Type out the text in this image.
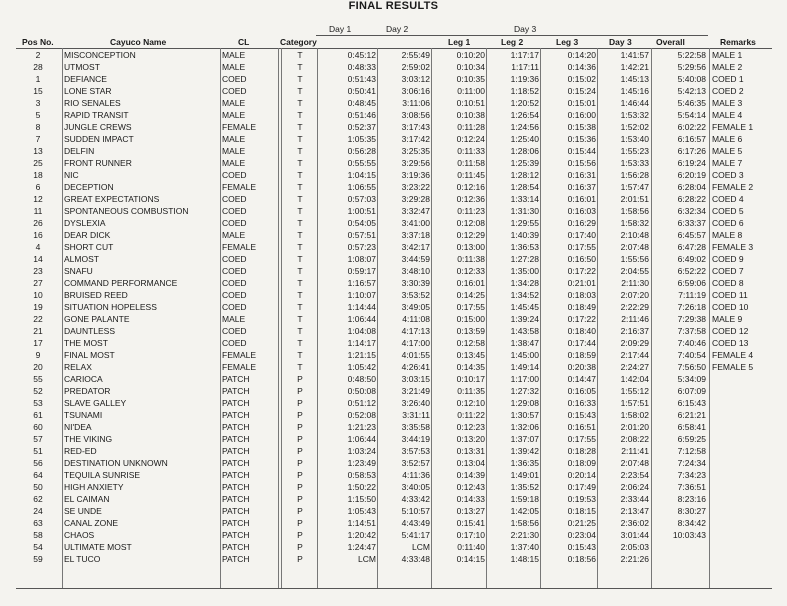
FINAL RESULTS
Day 1	Day 2	Day 3
Pos No.	Cayuco Name	CL	Category	Leg 1	Leg 2	Leg 3	Day 3	Overall	Remarks
2	MISCONCEPTION	MALE	T	0:45:12	2:55:49	0:10:20	1:17:17	0:14:20	1:41:57	5:22:58 MALE 1
28	UTMOST	MALE	T	0:48:33	2:59:02	0:10:34	1:17:11	0:14:36	1:42:21	5:29:56 MALE 2
1	DEFIANCE	COED	T	0:51:43	3:03:12	0:10:35	1:19:36	0:15:02	1:45:13	5:40:08 COED 1
15	LONE STAR	COED	T	0:50:41	3:06:16	0:11:00	1:18:52	0:15:24	1:45:16	5:42:13 COED 2
3	RIO SENALES	MALE	T	0:48:45	3:11:06	0:10:51	1:20:52	0:15:01	1:46:44	5:46:35 MALE 3
5	RAPID TRANSIT	MALE	T	0:51:46	3:08:56	0:10:38	1:26:54	0:16:00	1:53:32	5:54:14 MALE 4
8	JUNGLE CREWS	FEMALE	T	0:52:37	3:17:43	0:11:28	1:24:56	0:15:38	1:52:02	6:02:22 FEMALE 1
7	SUDDEN IMPACT	MALE	T	1:05:35	3:17:42	0:12:24	1:25:40	0:15:36	1:53:40	6:16:57 MALE 6
13	DELFIN	MALE	T	0:56:28	3:25:35	0:11:33	1:28:06	0:15:44	1:55:23	6:17:26 MALE 5
25	FRONT RUNNER	MALE	T	0:55:55	3:29:56	0:11:58	1:25:39	0:15:56	1:53:33	6:19:24 MALE 7
18	NIC	COED	T	1:04:15	3:19:36	0:11:45	1:28:12	0:16:31	1:56:28	6:20:19 COED 3
6	DECEPTION	FEMALE	T	1:06:55	3:23:22	0:12:16	1:28:54	0:16:37	1:57:47	6:28:04 FEMALE 2
12	GREAT EXPECTATIONS	COED	T	0:57:03	3:29:28	0:12:36	1:33:14	0:16:01	2:01:51	6:28:22 COED 4
11	SPONTANEOUS COMBUSTION	COED	T	1:00:51	3:32:47	0:11:23	1:31:30	0:16:03	1:58:56	6:32:34 COED 5
26	DYSLEXIA	COED	T	0:54:05	3:41:00	0:12:08	1:29:55	0:16:29	1:58:32	6:33:37 COED 6
16	DEAR DICK	MALE	T	0:57:51	3:37:18	0:12:29	1:40:39	0:17:40	2:10:48	6:45:57 MALE 8
4	SHORT CUT	FEMALE	T	0:57:23	3:42:17	0:13:00	1:36:53	0:17:55	2:07:48	6:47:28 FEMALE 3
14	ALMOST	COED	T	1:08:07	3:44:59	0:11:38	1:27:28	0:16:50	1:55:56	6:49:02 COED 9
23	SNAFU	COED	T	0:59:17	3:48:10	0:12:33	1:35:00	0:17:22	2:04:55	6:52:22 COED 7
27	COMMAND PERFORMANCE	COED	T	1:16:57	3:30:39	0:16:01	1:34:28	0:21:01	2:11:30	6:59:06 COED 8
10	BRUISED REED	COED	T	1:10:07	3:53:52	0:14:25	1:34:52	0:18:03	2:07:20	7:11:19 COED 11
19	SITUATION HOPELESS	COED	T	1:14:44	3:49:05	0:17:55	1:45:45	0:18:49	2:22:29	7:26:18 COED 10
22	GONE PALANTE	MALE	T	1:06:44	4:11:08	0:15:00	1:39:24	0:17:22	2:11:46	7:29:38 MALE 9
21	DAUNTLESS	COED	T	1:04:08	4:17:13	0:13:59	1:43:58	0:18:40	2:16:37	7:37:58 COED 12
17	THE MOST	COED	T	1:14:17	4:17:00	0:12:58	1:38:47	0:17:44	2:09:29	7:40:46 COED 13
9	FINAL MOST	FEMALE	T	1:21:15	4:01:55	0:13:45	1:45:00	0:18:59	2:17:44	7:40:54 FEMALE 4
20	RELAX	FEMALE	T	1:05:42	4:26:41	0:14:35	1:49:14	0:20:38	2:24:27	7:56:50 FEMALE 5
55	CARIOCA	PATCH	P	0:48:50	3:03:15	0:10:17	1:17:00	0:14:47	1:42:04	5:34:09
52	PREDATOR	PATCH	P	0:50:08	3:21:49	0:11:35	1:27:32	0:16:05	1:55:12	6:07:09
53	SLAVE GALLEY	PATCH	P	0:51:12	3:26:40	0:12:10	1:29:08	0:16:33	1:57:51	6:15:43
61	TSUNAMI	PATCH	P	0:52:08	3:31:11	0:11:22	1:30:57	0:15:43	1:58:02	6:21:21
60	NI'DEA	PATCH	P	1:21:23	3:35:58	0:12:23	1:32:06	0:16:51	2:01:20	6:58:41
57	THE VIKING	PATCH	P	1:06:44	3:44:19	0:13:20	1:37:07	0:17:55	2:08:22	6:59:25
51	RED-ED	PATCH	P	1:03:24	3:57:53	0:13:31	1:39:42	0:18:28	2:11:41	7:12:58
56	DESTINATION UNKNOWN	PATCH	P	1:23:49	3:52:57	0:13:04	1:36:35	0:18:09	2:07:48	7:24:34
64	TEQUILA SUNRISE	PATCH	P	0:58:53	4:11:36	0:14:39	1:49:01	0:20:14	2:23:54	7:34:23
50	HIGH ANXIETY	PATCH	P	1:50:22	3:40:05	0:12:43	1:35:52	0:17:49	2:06:24	7:36:51
62	EL CAIMAN	PATCH	P	1:15:50	4:33:42	0:14:33	1:59:18	0:19:53	2:33:44	8:23:16
24	SE UNDE	PATCH	P	1:05:43	5:10:57	0:13:27	1:42:05	0:18:15	2:13:47	8:30:27
63	CANAL ZONE	PATCH	P	1:14:51	4:43:49	0:15:41	1:58:56	0:21:25	2:36:02	8:34:42
58	CHAOS	PATCH	P	1:20:42	5:41:17	0:17:10	2:21:30	0:23:04	3:01:44	10:03:43
54	ULTIMATE MOST	PATCH	P	1:24:47	LCM	0:11:40	1:37:40	0:15:43	2:05:03
59	EL TUCO	PATCH	P	LCM	4:33:48	0:14:15	1:48:15	0:18:56	2:21:26
